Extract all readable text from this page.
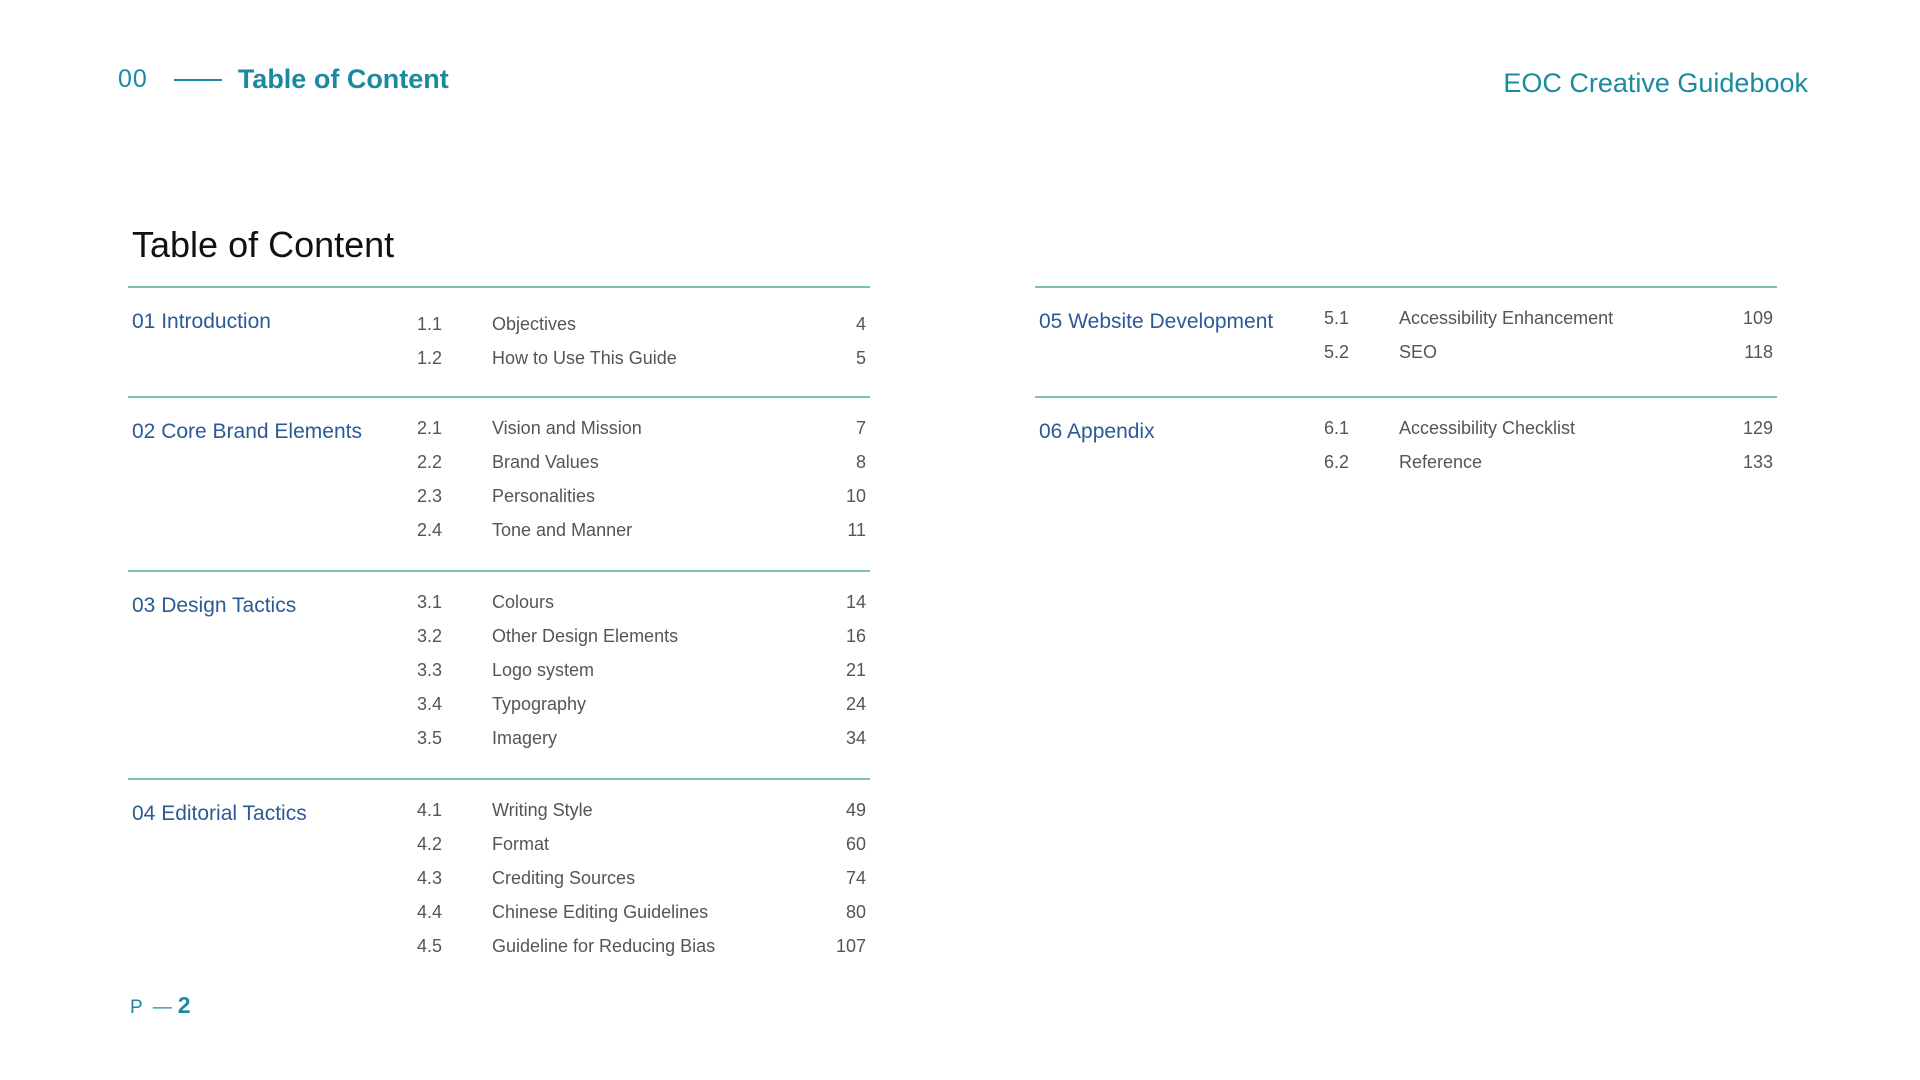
00	Table of Content	EOC Creative Guidebook
Table of Content
01 Introduction	1.1	Objectives	4
1.2	How to Use This Guide	5
02 Core Brand Elements	2.1	Vision and Mission	7
2.2	Brand Values	8
2.3	Personalities	10
2.4	Tone and Manner	11
03 Design Tactics	3.1	Colours	14
3.2	Other Design Elements	16
3.3	Logo system	21
3.4	Typography	24
3.5	Imagery	34
04 Editorial Tactics	4.1	Writing Style	49
4.2	Format	60
4.3	Crediting Sources	74
4.4	Chinese Editing Guidelines	80
4.5	Guideline for Reducing Bias	107
05 Website Development	5.1	Accessibility Enhancement	109
5.2	SEO	118
06 Appendix	6.1	Accessibility Checklist	129
6.2	Reference	133
P — 2
